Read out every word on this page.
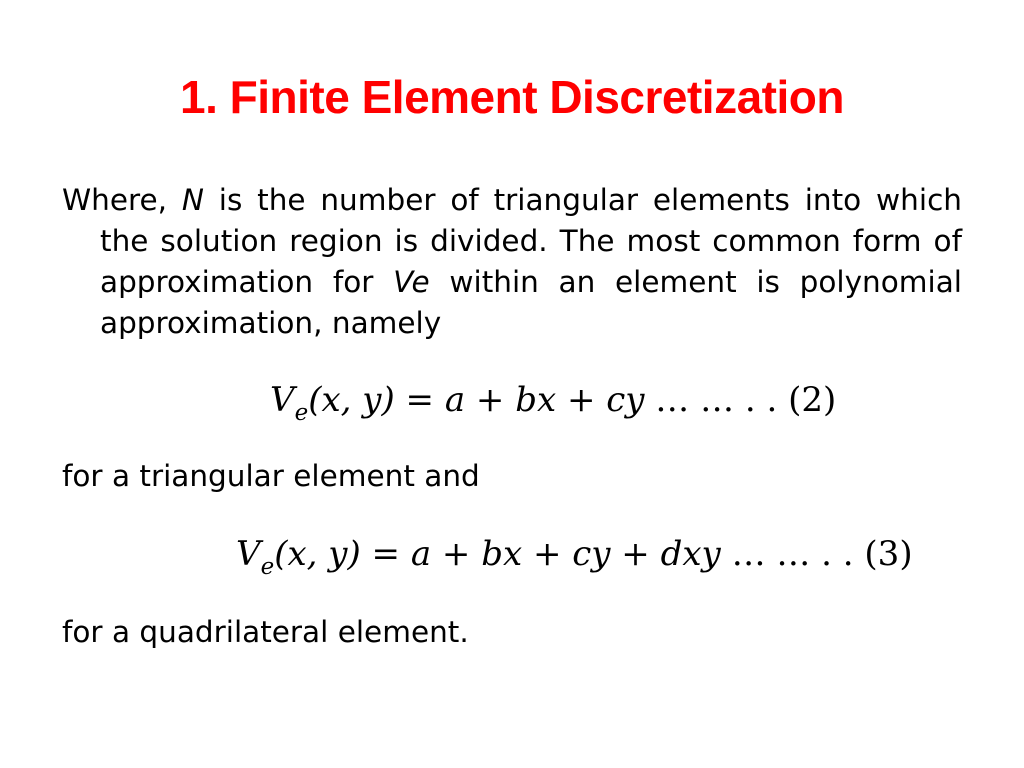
1. Finite Element Discretization
Where, N is the number of triangular elements into which the solution region is divided. The most common form of approximation for Ve within an element is polynomial approximation, namely
$V_e(x$, y) = a + bx + cy … … . . (2)
for a triangular element and
$V_e(x$, y) = a + bx + cy + dxy … … . . (3)
for a quadrilateral element.
